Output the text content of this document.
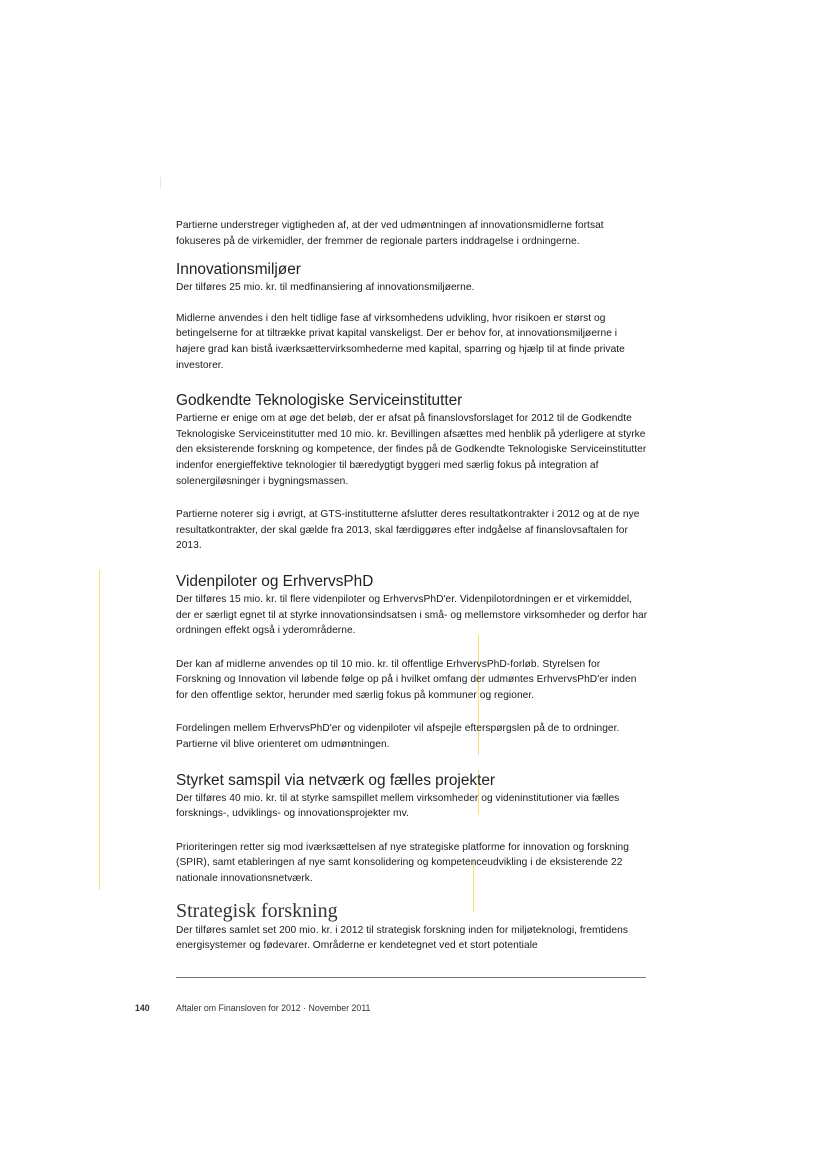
Partierne understreger vigtigheden af, at der ved udmøntningen af innovationsmidlerne fortsat fokuseres på de virkemidler, der fremmer de regionale parters inddragelse i ordningerne.

Innovationsmiljøer

Der tilføres 25 mio. kr. til medfinansiering af innovationsmiljøerne.

Midlerne anvendes i den helt tidlige fase af virksomhedens udvikling, hvor risikoen er størst og betingelserne for at tiltrække privat kapital vanskeligst. Der er behov for, at innovationsmiljøerne i højere grad kan bistå iværksættervirksomhederne med kapital, sparring og hjælp til at finde private investorer.

Godkendte Teknologiske Serviceinstitutter

Partierne er enige om at øge det beløb, der er afsat på finanslovsforslaget for 2012 til de Godkendte Teknologiske Serviceinstitutter med 10 mio. kr. Bevillingen afsættes med henblik på yderligere at styrke den eksisterende forskning og kompetence, der findes på de Godkendte Teknologiske Serviceinstitutter indenfor energieffektive teknologier til bæredygtigt byggeri med særlig fokus på integration af solenergiløsninger i bygningsmassen.

Partierne noterer sig i øvrigt, at GTS-institutterne afslutter deres resultatkontrakter i 2012 og at de nye resultatkontrakter, der skal gælde fra 2013, skal færdiggøres efter indgåelse af finanslovsaftalen for 2013.

Videnpiloter og ErhvervsPhD

Der tilføres 15 mio. kr. til flere videnpiloter og ErhvervsPhD'er. Videnpilotordningen er et virkemiddel, der er særligt egnet til at styrke innovationsindsatsen i små- og mellemstore virksomheder og derfor har ordningen effekt også i yderområderne.

Der kan af midlerne anvendes op til 10 mio. kr. til offentlige ErhvervsPhD-forløb. Styrelsen for Forskning og Innovation vil løbende følge op på i hvilket omfang der udmøntes ErhvervsPhD'er inden for den offentlige sektor, herunder med særlig fokus på kommuner og regioner.

Fordelingen mellem ErhvervsPhD'er og videnpiloter vil afspejle efterspørgslen på de to ordninger. Partierne vil blive orienteret om udmøntningen.

Styrket samspil via netværk og fælles projekter

Der tilføres 40 mio. kr. til at styrke samspillet mellem virksomheder og videninstitutioner via fælles forsknings-, udviklings- og innovationsprojekter mv.

Prioriteringen retter sig mod iværksættelsen af nye strategiske platforme for innovation og forskning (SPIR), samt etableringen af nye samt konsolidering og kompetenceudvikling i de eksisterende 22 nationale innovationsnetværk.

Strategisk forskning

Der tilføres samlet set 200 mio. kr. i 2012 til strategisk forskning inden for miljøteknologi, fremtidens energisystemer og fødevarer. Områderne er kendetegnet ved et stort potentiale

140	Aftaler om Finansloven for 2012 · November 2011
